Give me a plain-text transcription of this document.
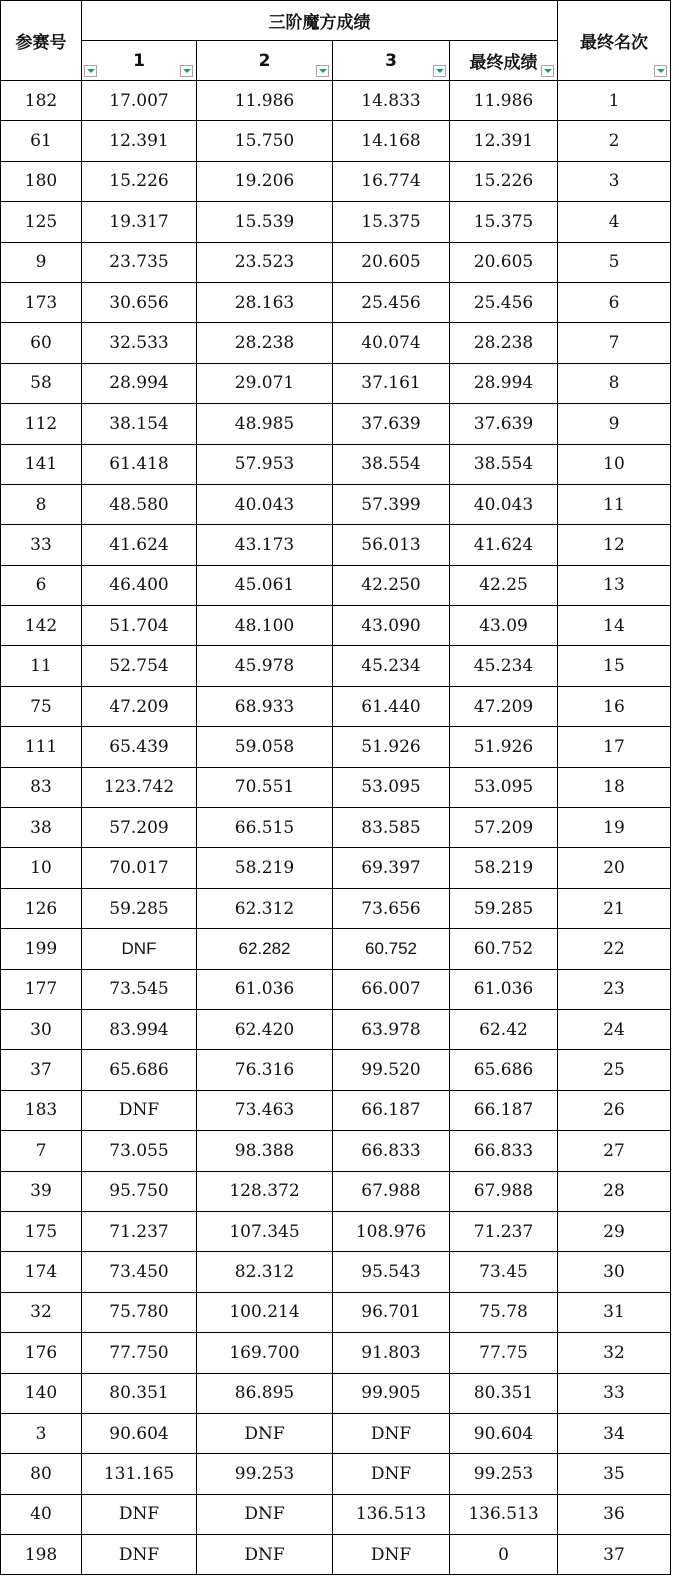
参赛号	三阶魔方成绩				最终名次

	1	2	3	最终成绩	

182	17.007	11.986	14.833	11.986	1
61	12.391	15.750	14.168	12.391	2
180	15.226	19.206	16.774	15.226	3
125	19.317	15.539	15.375	15.375	4
9	23.735	23.523	20.605	20.605	5
173	30.656	28.163	25.456	25.456	6
60	32.533	28.238	40.074	28.238	7
58	28.994	29.071	37.161	28.994	8
112	38.154	48.985	37.639	37.639	9
141	61.418	57.953	38.554	38.554	10
8	48.580	40.043	57.399	40.043	11
33	41.624	43.173	56.013	41.624	12
6	46.400	45.061	42.250	42.25	13
142	51.704	48.100	43.090	43.09	14
11	52.754	45.978	45.234	45.234	15
75	47.209	68.933	61.440	47.209	16
111	65.439	59.058	51.926	51.926	17
83	123.742	70.551	53.095	53.095	18
38	57.209	66.515	83.585	57.209	19
10	70.017	58.219	69.397	58.219	20
126	59.285	62.312	73.656	59.285	21
199	DNF	62.282	60.752	60.752	22
177	73.545	61.036	66.007	61.036	23
30	83.994	62.420	63.978	62.42	24
37	65.686	76.316	99.520	65.686	25
183	DNF	73.463	66.187	66.187	26
7	73.055	98.388	66.833	66.833	27
39	95.750	128.372	67.988	67.988	28
175	71.237	107.345	108.976	71.237	29
174	73.450	82.312	95.543	73.45	30
32	75.780	100.214	96.701	75.78	31
176	77.750	169.700	91.803	77.75	32
140	80.351	86.895	99.905	80.351	33
3	90.604	DNF	DNF	90.604	34
80	131.165	99.253	DNF	99.253	35
40	DNF	DNF	136.513	136.513	36
198	DNF	DNF	DNF	0	37
